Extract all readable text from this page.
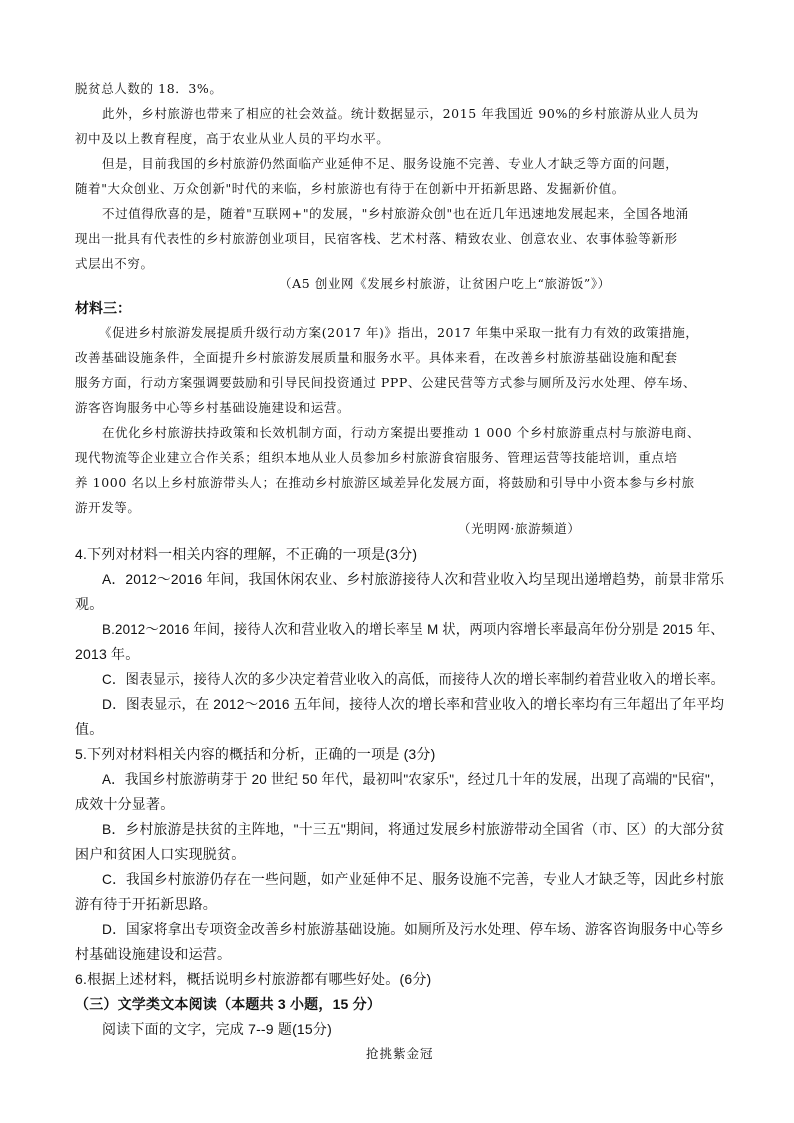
脱贫总人数的 18．3%。
此外，乡村旅游也带来了相应的社会效益。统计数据显示，2015 年我国近 90%的乡村旅游从业人员为
初中及以上教育程度，高于农业从业人员的平均水平。
但是，目前我国的乡村旅游仍然面临产业延伸不足、服务设施不完善、专业人才缺乏等方面的问题，
随着"大众创业、万众创新"时代的来临，乡村旅游也有待于在创新中开拓新思路、发掘新价值。
不过值得欣喜的是，随着"互联网+"的发展，"乡村旅游众创"也在近几年迅速地发展起来，全国各地涌
现出一批具有代表性的乡村旅游创业项目，民宿客栈、艺术村落、精致农业、创意农业、农事体验等新形
式层出不穷。
（A5 创业网《发展乡村旅游，让贫困户吃上“旅游饭”》）
材料三：
《促进乡村旅游发展提质升级行动方案(2017 年)》指出，2017 年集中采取一批有力有效的政策措施，
改善基础设施条件，全面提升乡村旅游发展质量和服务水平。具体来看，在改善乡村旅游基础设施和配套
服务方面，行动方案强调要鼓励和引导民间投资通过 PPP、公建民营等方式参与厕所及污水处理、停车场、
游客咨询服务中心等乡村基础设施建设和运营。
在优化乡村旅游扶持政策和长效机制方面，行动方案提出要推动 1 000 个乡村旅游重点村与旅游电商、
现代物流等企业建立合作关系；组织本地从业人员参加乡村旅游食宿服务、管理运营等技能培训，重点培
养 1000 名以上乡村旅游带头人；在推动乡村旅游区域差异化发展方面，将鼓励和引导中小资本参与乡村旅
游开发等。
（光明网·旅游频道）
4.下列对材料一相关内容的理解，不正确的一项是(3分)
A．2012～2016 年间，我国休闲农业、乡村旅游接待人次和营业收入均呈现出递增趋势，前景非常乐
观。
B.2012～2016 年间，接待人次和营业收入的增长率呈 M 状，两项内容增长率最高年份分别是 2015 年、
2013 年。
C．图表显示，接待人次的多少决定着营业收入的高低，而接待人次的增长率制约着营业收入的增长率。
D．图表显示，在 2012～2016 五年间，接待人次的增长率和营业收入的增长率均有三年超出了年平均
值。
5.下列对材料相关内容的概括和分析，正确的一项是 (3分)
A．我国乡村旅游萌芽于 20 世纪 50 年代，最初叫"农家乐"，经过几十年的发展，出现了高端的"民宿"，
成效十分显著。
B．乡村旅游是扶贫的主阵地，"十三五"期间，将通过发展乡村旅游带动全国省（市、区）的大部分贫
困户和贫困人口实现脱贫。
C．我国乡村旅游仍存在一些问题，如产业延伸不足、服务设施不完善，专业人才缺乏等，因此乡村旅
游有待于开拓新思路。
D．国家将拿出专项资金改善乡村旅游基础设施。如厕所及污水处理、停车场、游客咨询服务中心等乡
村基础设施建设和运营。
6.根据上述材料，概括说明乡村旅游都有哪些好处。(6分)
（三）文学类文本阅读（本题共 3 小题，15 分）
阅读下面的文字，完成 7--9 题(15分)
抢挑紫金冠
